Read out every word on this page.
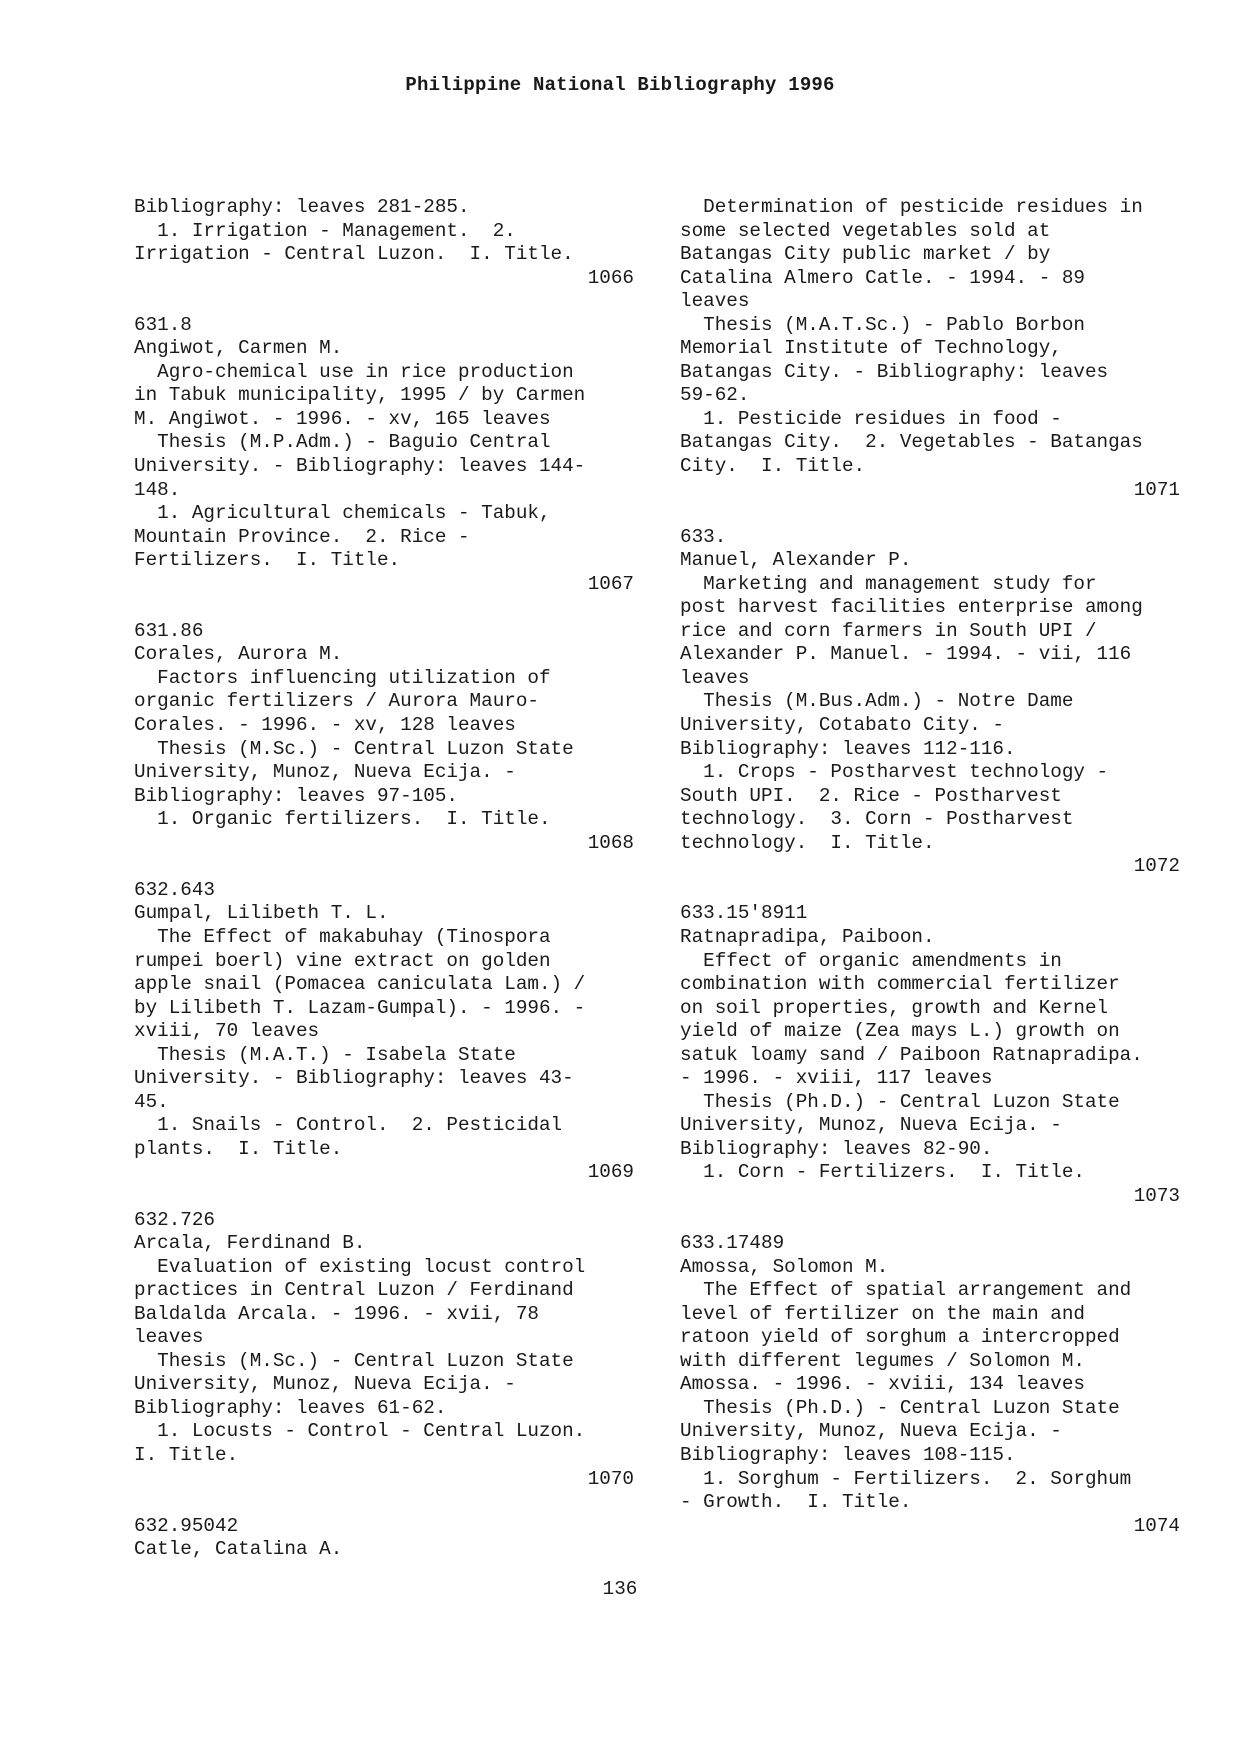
Philippine National Bibliography 1996
Bibliography: leaves 281-285.
1. Irrigation - Management.  2.
Irrigation - Central Luzon.  I. Title.
1066
631.8
Angiwot, Carmen M.
Agro-chemical use in rice production
in Tabuk municipality, 1995 / by Carmen
M. Angiwot. - 1996. - xv, 165 leaves
Thesis (M.P.Adm.) - Baguio Central
University. - Bibliography: leaves 144-
148.
1. Agricultural chemicals - Tabuk,
Mountain Province.  2. Rice -
Fertilizers.  I. Title.
1067
631.86
Corales, Aurora M.
Factors influencing utilization of
organic fertilizers / Aurora Mauro-
Corales. - 1996. - xv, 128 leaves
Thesis (M.Sc.) - Central Luzon State
University, Munoz, Nueva Ecija. -
Bibliography: leaves 97-105.
1. Organic fertilizers.  I. Title.
1068
632.643
Gumpal, Lilibeth T. L.
The Effect of makabuhay (Tinospora
rumpei boerl) vine extract on golden
apple snail (Pomacea caniculata Lam.) /
by Lilibeth T. Lazam-Gumpal). - 1996. -
xviii, 70 leaves
Thesis (M.A.T.) - Isabela State
University. - Bibliography: leaves 43-
45.
1. Snails - Control.  2. Pesticidal
plants.  I. Title.
1069
632.726
Arcala, Ferdinand B.
Evaluation of existing locust control
practices in Central Luzon / Ferdinand
Baldalda Arcala. - 1996. - xvii, 78
leaves
Thesis (M.Sc.) - Central Luzon State
University, Munoz, Nueva Ecija. -
Bibliography: leaves 61-62.
1. Locusts - Control - Central Luzon.
I. Title.
1070
632.95042
Catle, Catalina A.
Determination of pesticide residues in
some selected vegetables sold at
Batangas City public market / by
Catalina Almero Catle. - 1994. - 89
leaves
Thesis (M.A.T.Sc.) - Pablo Borbon
Memorial Institute of Technology,
Batangas City. - Bibliography: leaves
59-62.
1. Pesticide residues in food -
Batangas City.  2. Vegetables - Batangas
City.  I. Title.
1071
633.
Manuel, Alexander P.
Marketing and management study for
post harvest facilities enterprise among
rice and corn farmers in South UPI /
Alexander P. Manuel. - 1994. - vii, 116
leaves
Thesis (M.Bus.Adm.) - Notre Dame
University, Cotabato City. -
Bibliography: leaves 112-116.
1. Crops - Postharvest technology -
South UPI.  2. Rice - Postharvest
technology.  3. Corn - Postharvest
technology.  I. Title.
1072
633.15'8911
Ratnapradipa, Paiboon.
Effect of organic amendments in
combination with commercial fertilizer
on soil properties, growth and Kernel
yield of maize (Zea mays L.) growth on
satuk loamy sand / Paiboon Ratnapradipa.
- 1996. - xviii, 117 leaves
Thesis (Ph.D.) - Central Luzon State
University, Munoz, Nueva Ecija. -
Bibliography: leaves 82-90.
1. Corn - Fertilizers.  I. Title.
1073
633.17489
Amossa, Solomon M.
The Effect of spatial arrangement and
level of fertilizer on the main and
ratoon yield of sorghum a intercropped
with different legumes / Solomon M.
Amossa. - 1996. - xviii, 134 leaves
Thesis (Ph.D.) - Central Luzon State
University, Munoz, Nueva Ecija. -
Bibliography: leaves 108-115.
1. Sorghum - Fertilizers.  2. Sorghum
- Growth.  I. Title.
1074
136
